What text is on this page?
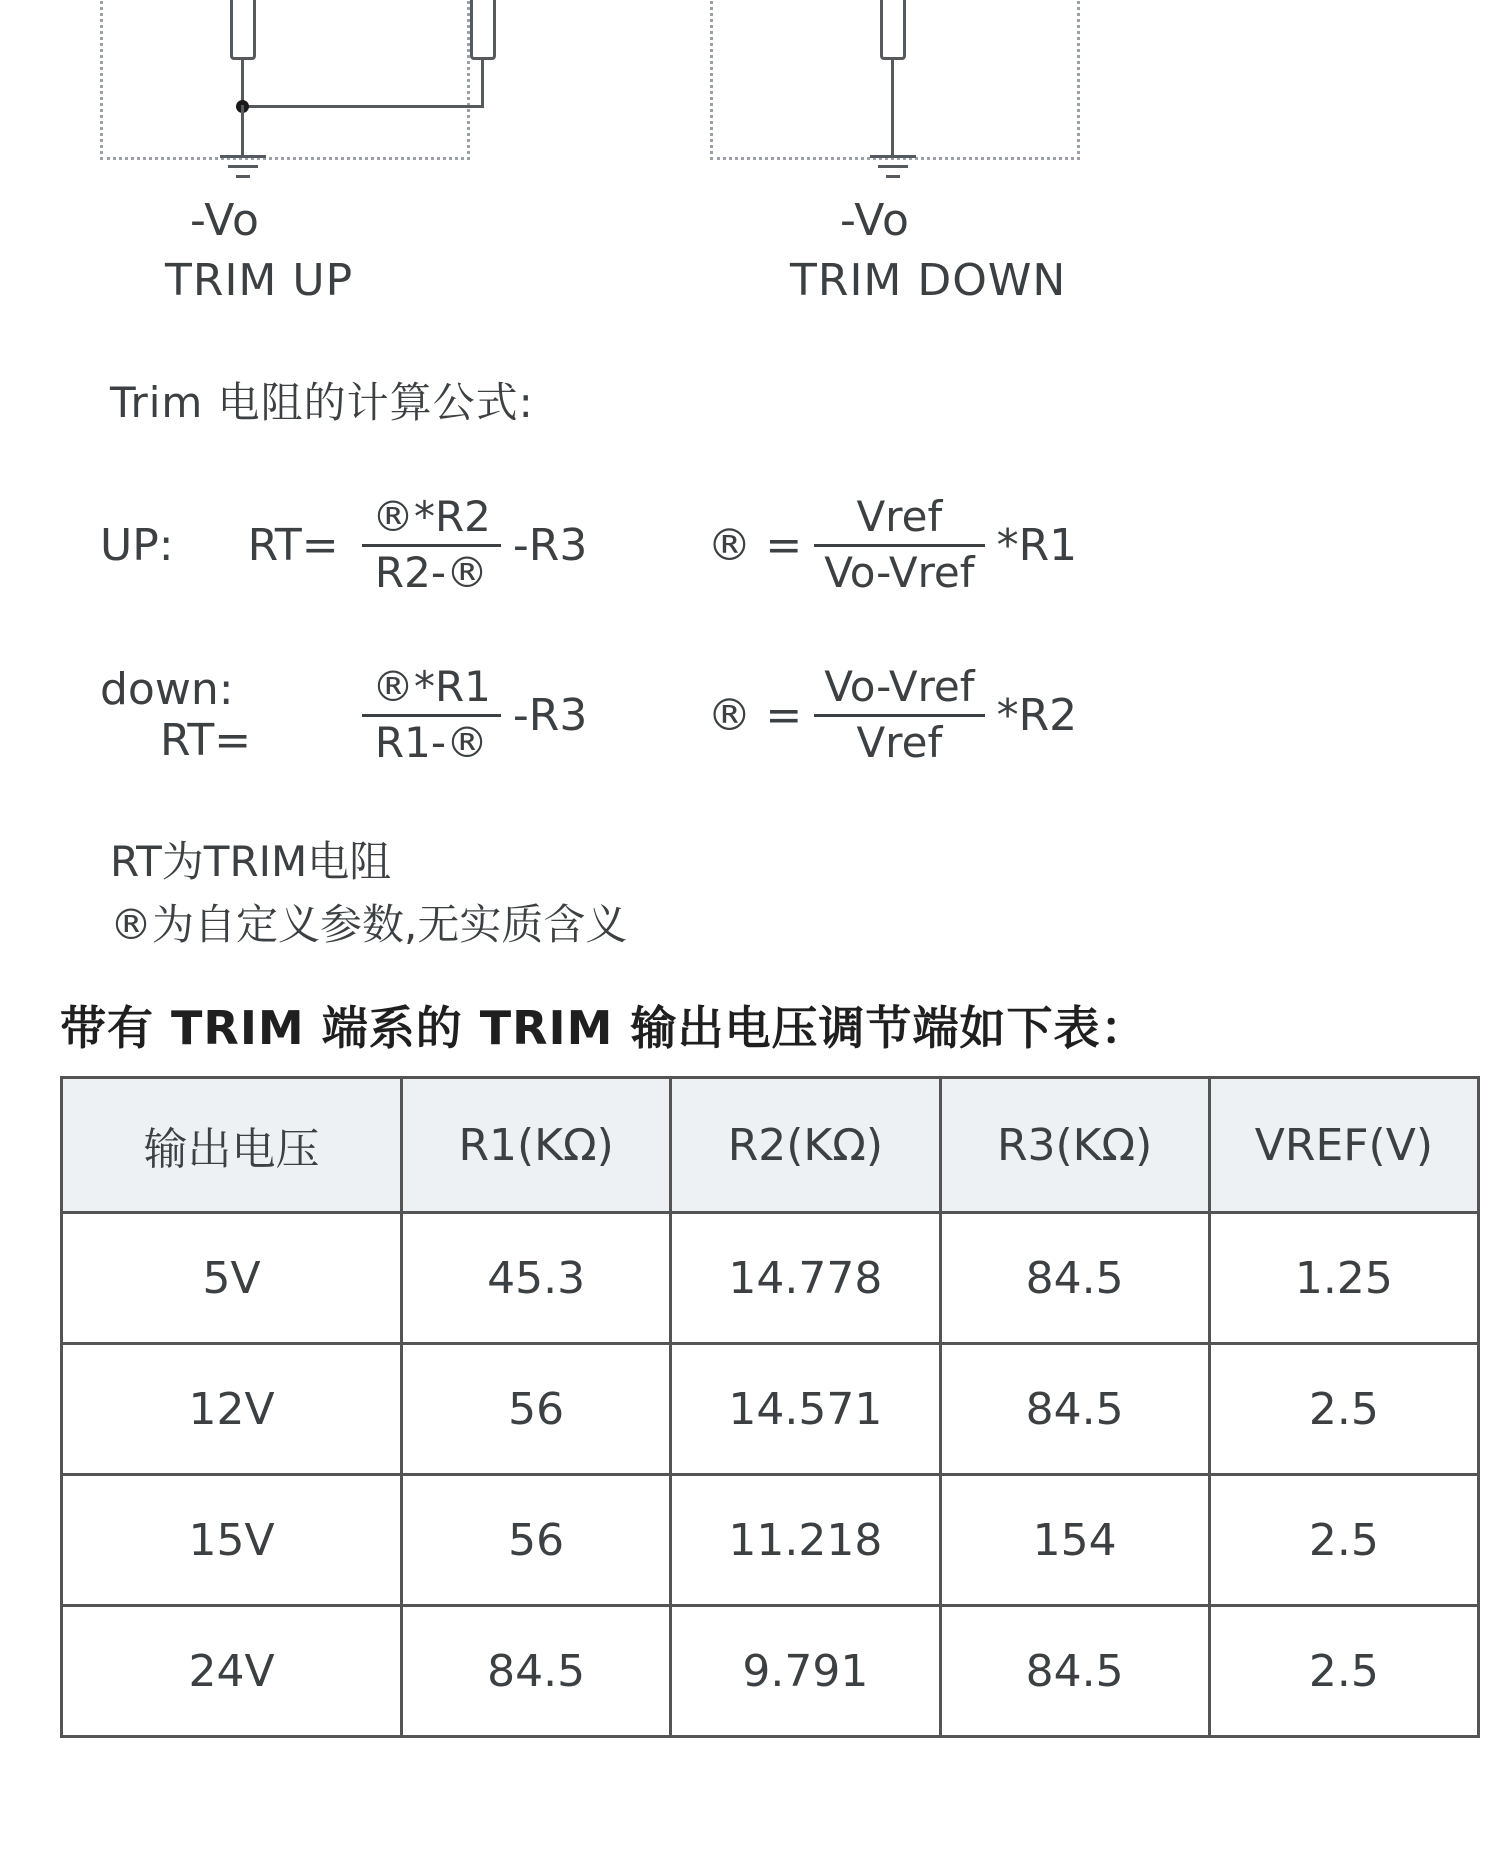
-Vo
TRIM UP
-Vo
TRIM DOWN
Trim 电阻的计算公式:
UP: $RT= \frac{®*R2}{R2-®} -R3$	® = $\frac{\text{Vref}}{\text{Vo-Vref}} *R1$
down: RT=	$\frac{®*R1}{R1-®} -R3$	® = $\frac{\text{Vo-Vref}}{\text{Vref}} *R2$
RT为TRIM电阻
®为自定义参数,无实质含义
带有 TRIM 端系的 TRIM 输出电压调节端如下表：
输出电压	R1(KΩ)	R2(KΩ)	R3(KΩ)	VREF(V)
5V	45.3	14.778	84.5	1.25
12V	56	14.571	84.5	2.5
15V	56	11.218	154	2.5
24V	84.5	9.791	84.5	2.5
